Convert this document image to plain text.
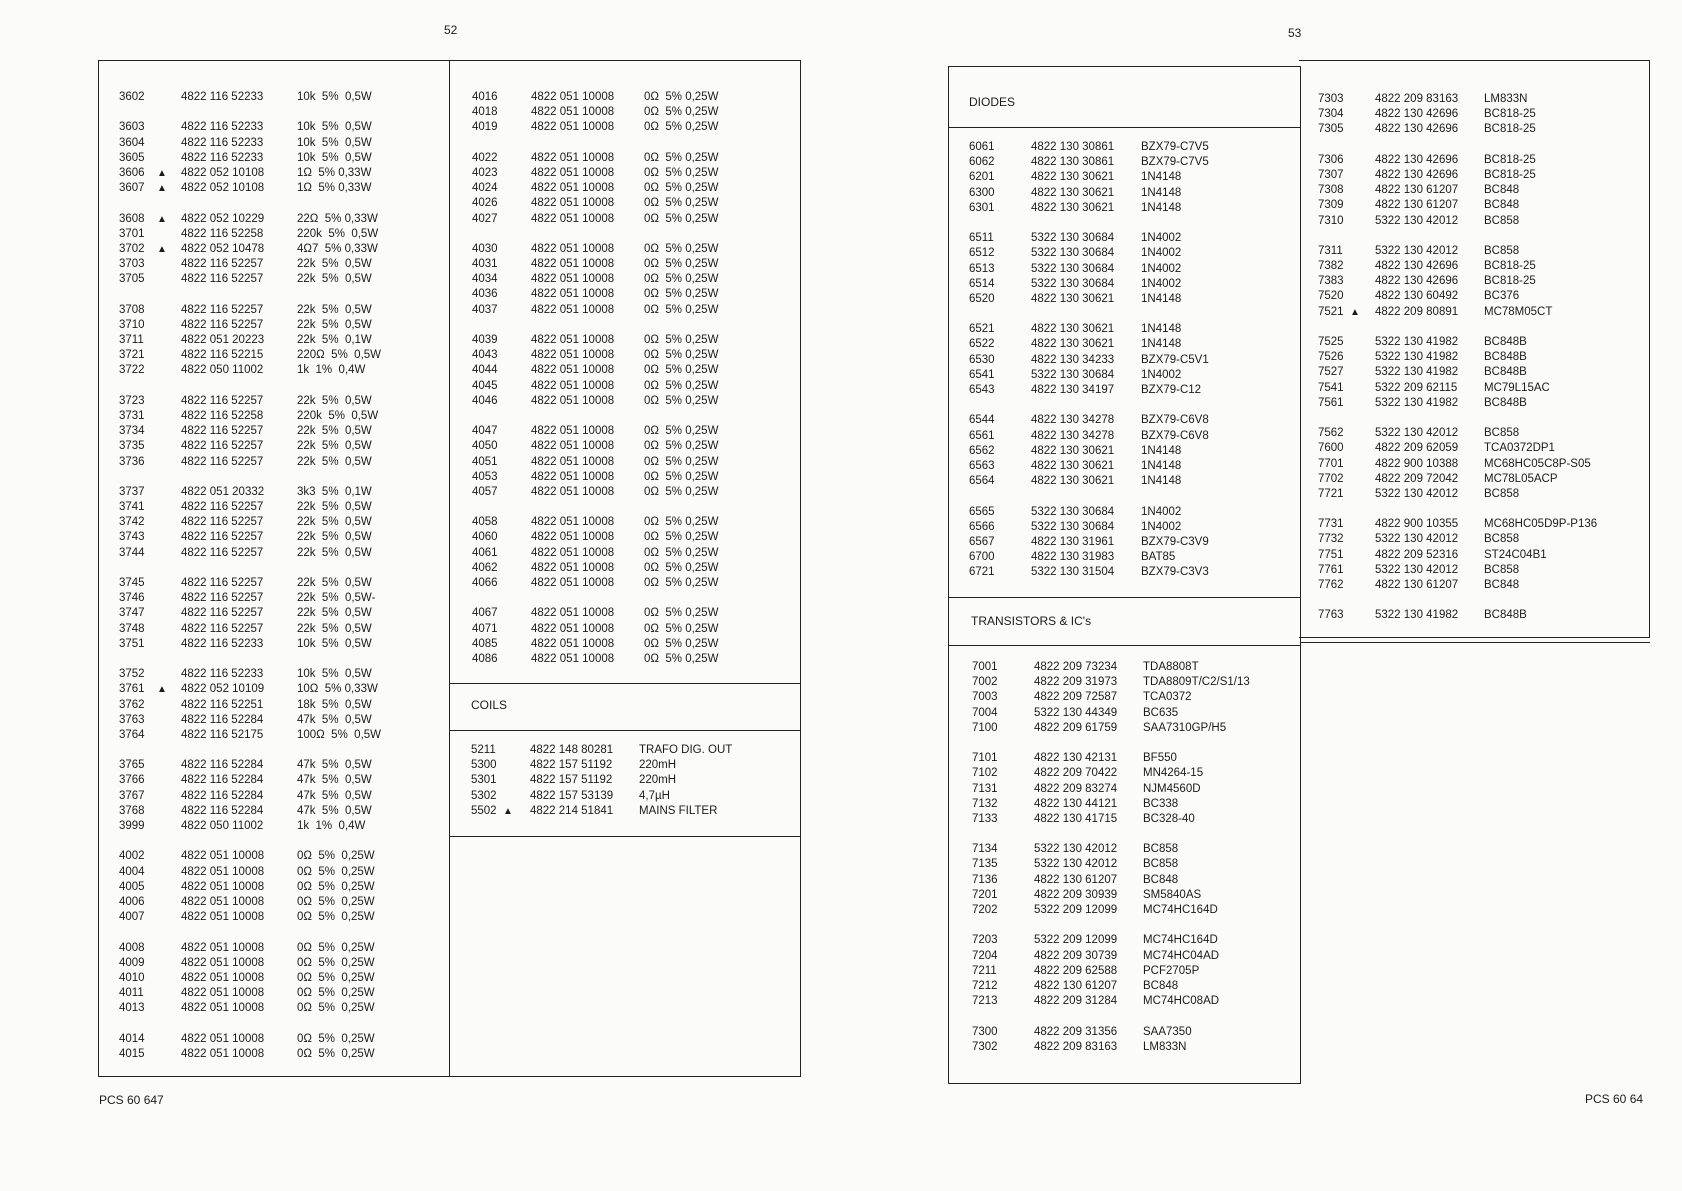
52	53
COILS
DIODES
TRANSISTORS & IC's
3602	4822 116 52233	10k  5%  0,5W
3603	4822 116 52233	10k  5%  0,5W
3604	4822 116 52233	10k  5%  0,5W
3605	4822 116 52233	10k  5%  0,5W
3606 ▲ 4822 052 10108	1Ω  5% 0,33W
3607 ▲ 4822 052 10108	1Ω  5% 0,33W
3608 ▲ 4822 052 10229	22Ω  5% 0,33W
3701	4822 116 52258	220k  5%  0,5W
3702 ▲ 4822 052 10478	4Ω7  5% 0,33W
3703	4822 116 52257	22k  5%  0,5W
3705	4822 116 52257	22k  5%  0,5W
3708	4822 116 52257	22k  5%  0,5W
3710	4822 116 52257	22k  5%  0,5W
3711	4822 051 20223	22k  5%  0,1W
3721	4822 116 52215	220Ω  5%  0,5W
3722	4822 050 11002	1k  1%  0,4W
3723	4822 116 52257	22k  5%  0,5W
3731	4822 116 52258	220k  5%  0,5W
3734	4822 116 52257	22k  5%  0,5W
3735	4822 116 52257	22k  5%  0,5W
3736	4822 116 52257	22k  5%  0,5W
3737	4822 051 20332	3k3  5%  0,1W
3741	4822 116 52257	22k  5%  0,5W
3742	4822 116 52257	22k  5%  0,5W
3743	4822 116 52257	22k  5%  0,5W
3744	4822 116 52257	22k  5%  0,5W
3745	4822 116 52257	22k  5%  0,5W
3746	4822 116 52257	22k  5%  0,5W-
3747	4822 116 52257	22k  5%  0,5W
3748	4822 116 52257	22k  5%  0,5W
3751	4822 116 52233	10k  5%  0,5W
3752	4822 116 52233	10k  5%  0,5W
3761 ▲ 4822 052 10109	10Ω  5% 0,33W
3762	4822 116 52251	18k  5%  0,5W
3763	4822 116 52284	47k  5%  0,5W
3764	4822 116 52175	100Ω  5%  0,5W
3765	4822 116 52284	47k  5%  0,5W
3766	4822 116 52284	47k  5%  0,5W
3767	4822 116 52284	47k  5%  0,5W
3768	4822 116 52284	47k  5%  0,5W
3999	4822 050 11002	1k  1%  0,4W
4002	4822 051 10008	0Ω  5%  0,25W
4004	4822 051 10008	0Ω  5%  0,25W
4005	4822 051 10008	0Ω  5%  0,25W
4006	4822 051 10008	0Ω  5%  0,25W
4007	4822 051 10008	0Ω  5%  0,25W
4008	4822 051 10008	0Ω  5%  0,25W
4009	4822 051 10008	0Ω  5%  0,25W
4010	4822 051 10008	0Ω  5%  0,25W
4011	4822 051 10008	0Ω  5%  0,25W
4013	4822 051 10008	0Ω  5%  0,25W
4014	4822 051 10008	0Ω  5%  0,25W
4015	4822 051 10008	0Ω  5%  0,25W
4016	4822 051 10008	0Ω  5% 0,25W
4018	4822 051 10008	0Ω  5% 0,25W
4019	4822 051 10008	0Ω  5% 0,25W
4022	4822 051 10008	0Ω  5% 0,25W
4023	4822 051 10008	0Ω  5% 0,25W
4024	4822 051 10008	0Ω  5% 0,25W
4026	4822 051 10008	0Ω  5% 0,25W
4027	4822 051 10008	0Ω  5% 0,25W
4030	4822 051 10008	0Ω  5% 0,25W
4031	4822 051 10008	0Ω  5% 0,25W
4034	4822 051 10008	0Ω  5% 0,25W
4036	4822 051 10008	0Ω  5% 0,25W
4037	4822 051 10008	0Ω  5% 0,25W
4039	4822 051 10008	0Ω  5% 0,25W
4043	4822 051 10008	0Ω  5% 0,25W
4044	4822 051 10008	0Ω  5% 0,25W
4045	4822 051 10008	0Ω  5% 0,25W
4046	4822 051 10008	0Ω  5% 0,25W
4047	4822 051 10008	0Ω  5% 0,25W
4050	4822 051 10008	0Ω  5% 0,25W
4051	4822 051 10008	0Ω  5% 0,25W
4053	4822 051 10008	0Ω  5% 0,25W
4057	4822 051 10008	0Ω  5% 0,25W
4058	4822 051 10008	0Ω  5% 0,25W
4060	4822 051 10008	0Ω  5% 0,25W
4061	4822 051 10008	0Ω  5% 0,25W
4062	4822 051 10008	0Ω  5% 0,25W
4066	4822 051 10008	0Ω  5% 0,25W
4067	4822 051 10008	0Ω  5% 0,25W
4071	4822 051 10008	0Ω  5% 0,25W
4085	4822 051 10008	0Ω  5% 0,25W
4086	4822 051 10008	0Ω  5% 0,25W
5211	4822 148 80281 TRAFO DIG. OUT
5300	4822 157 51192 220mH
5301	4822 157 51192 220mH
5302	4822 157 53139 4,7µH
5502 ▲ 4822 214 51841 MAINS FILTER
6061	4822 130 30861 BZX79-C7V5
6062	4822 130 30861 BZX79-C7V5
6201	4822 130 30621 1N4148
6300	4822 130 30621 1N4148
6301	4822 130 30621 1N4148
6511	5322 130 30684 1N4002
6512	5322 130 30684 1N4002
6513	5322 130 30684 1N4002
6514	5322 130 30684 1N4002
6520	4822 130 30621 1N4148
6521	4822 130 30621 1N4148
6522	4822 130 30621 1N4148
6530	4822 130 34233 BZX79-C5V1
6541	5322 130 30684 1N4002
6543	4822 130 34197 BZX79-C12
6544	4822 130 34278 BZX79-C6V8
6561	4822 130 34278 BZX79-C6V8
6562	4822 130 30621 1N4148
6563	4822 130 30621 1N4148
6564	4822 130 30621 1N4148
6565	5322 130 30684 1N4002
6566	5322 130 30684 1N4002
6567	4822 130 31961 BZX79-C3V9
6700	4822 130 31983 BAT85
6721	5322 130 31504 BZX79-C3V3
7001	4822 209 73234 TDA8808T
7002	4822 209 31973 TDA8809T/C2/S1/13
7003	4822 209 72587 TCA0372
7004	5322 130 44349 BC635
7100	4822 209 61759 SAA7310GP/H5
7101	4822 130 42131 BF550
7102	4822 209 70422 MN4264-15
7131	4822 209 83274 NJM4560D
7132	4822 130 44121 BC338
7133	4822 130 41715 BC328-40
7134	5322 130 42012 BC858
7135	5322 130 42012 BC858
7136	4822 130 61207 BC848
7201	4822 209 30939 SM5840AS
7202	5322 209 12099 MC74HC164D
7203	5322 209 12099 MC74HC164D
7204	4822 209 30739 MC74HC04AD
7211	4822 209 62588 PCF2705P
7212	4822 130 61207 BC848
7213	4822 209 31284 MC74HC08AD
7300	4822 209 31356 SAA7350
7302	4822 209 83163 LM833N
7303	4822 209 83163 LM833N
7304	4822 130 42696 BC818-25
7305	4822 130 42696 BC818-25
7306	4822 130 42696 BC818-25
7307	4822 130 42696 BC818-25
7308	4822 130 61207 BC848
7309	4822 130 61207 BC848
7310	5322 130 42012 BC858
7311	5322 130 42012 BC858
7382	4822 130 42696 BC818-25
7383	4822 130 42696 BC818-25
7520	4822 130 60492 BC376
7521 ▲ 4822 209 80891 MC78M05CT
7525	5322 130 41982 BC848B
7526	5322 130 41982 BC848B
7527	5322 130 41982 BC848B
7541	5322 209 62115 MC79L15AC
7561	5322 130 41982 BC848B
7562	5322 130 42012 BC858
7600	4822 209 62059 TCA0372DP1
7701	4822 900 10388 MC68HC05C8P-S05
7702	4822 209 72042 MC78L05ACP
7721	5322 130 42012 BC858
7731	4822 900 10355 MC68HC05D9P-P136
7732	5322 130 42012 BC858
7751	4822 209 52316 ST24C04B1
7761	5322 130 42012 BC858
7762	4822 130 61207 BC848
7763	5322 130 41982 BC848B
PCS 60 647	PCS 60 64
